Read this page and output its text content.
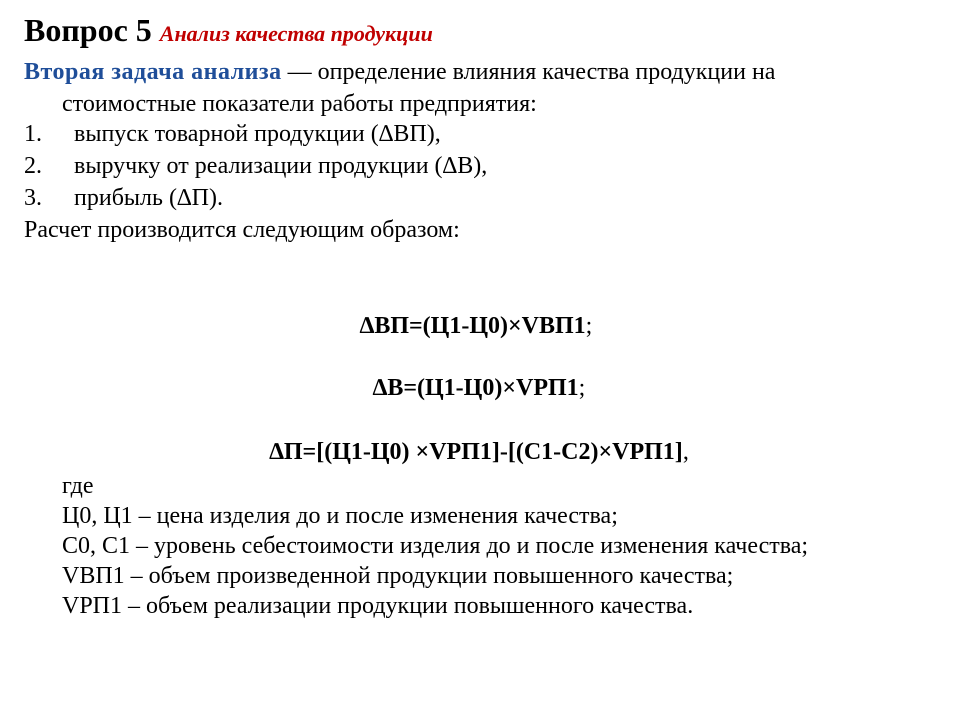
Вопрос 5 Анализ качества продукции
Вторая задача анализа — определение влияния качества продукции на
стоимостные показатели работы предприятия:
1.	выпуск товарной продукции (∆ВП),
2.	выручку от реализации продукции (∆В),
3.	прибыль (∆П).
Расчет производится следующим образом:
∆ВП=(Ц1-Ц0)×VВП1;
∆В=(Ц1-Ц0)×VРП1;
∆П=[(Ц1-Ц0) ×VРП1]-[(С1-С2)×VРП1],
где
Ц0, Ц1 – цена изделия до и после изменения качества;
С0, С1 – уровень себестоимости изделия до и после изменения качества;
VВП1 – объем произведенной продукции повышенного качества;
VРП1 – объем реализации продукции повышенного качества.
